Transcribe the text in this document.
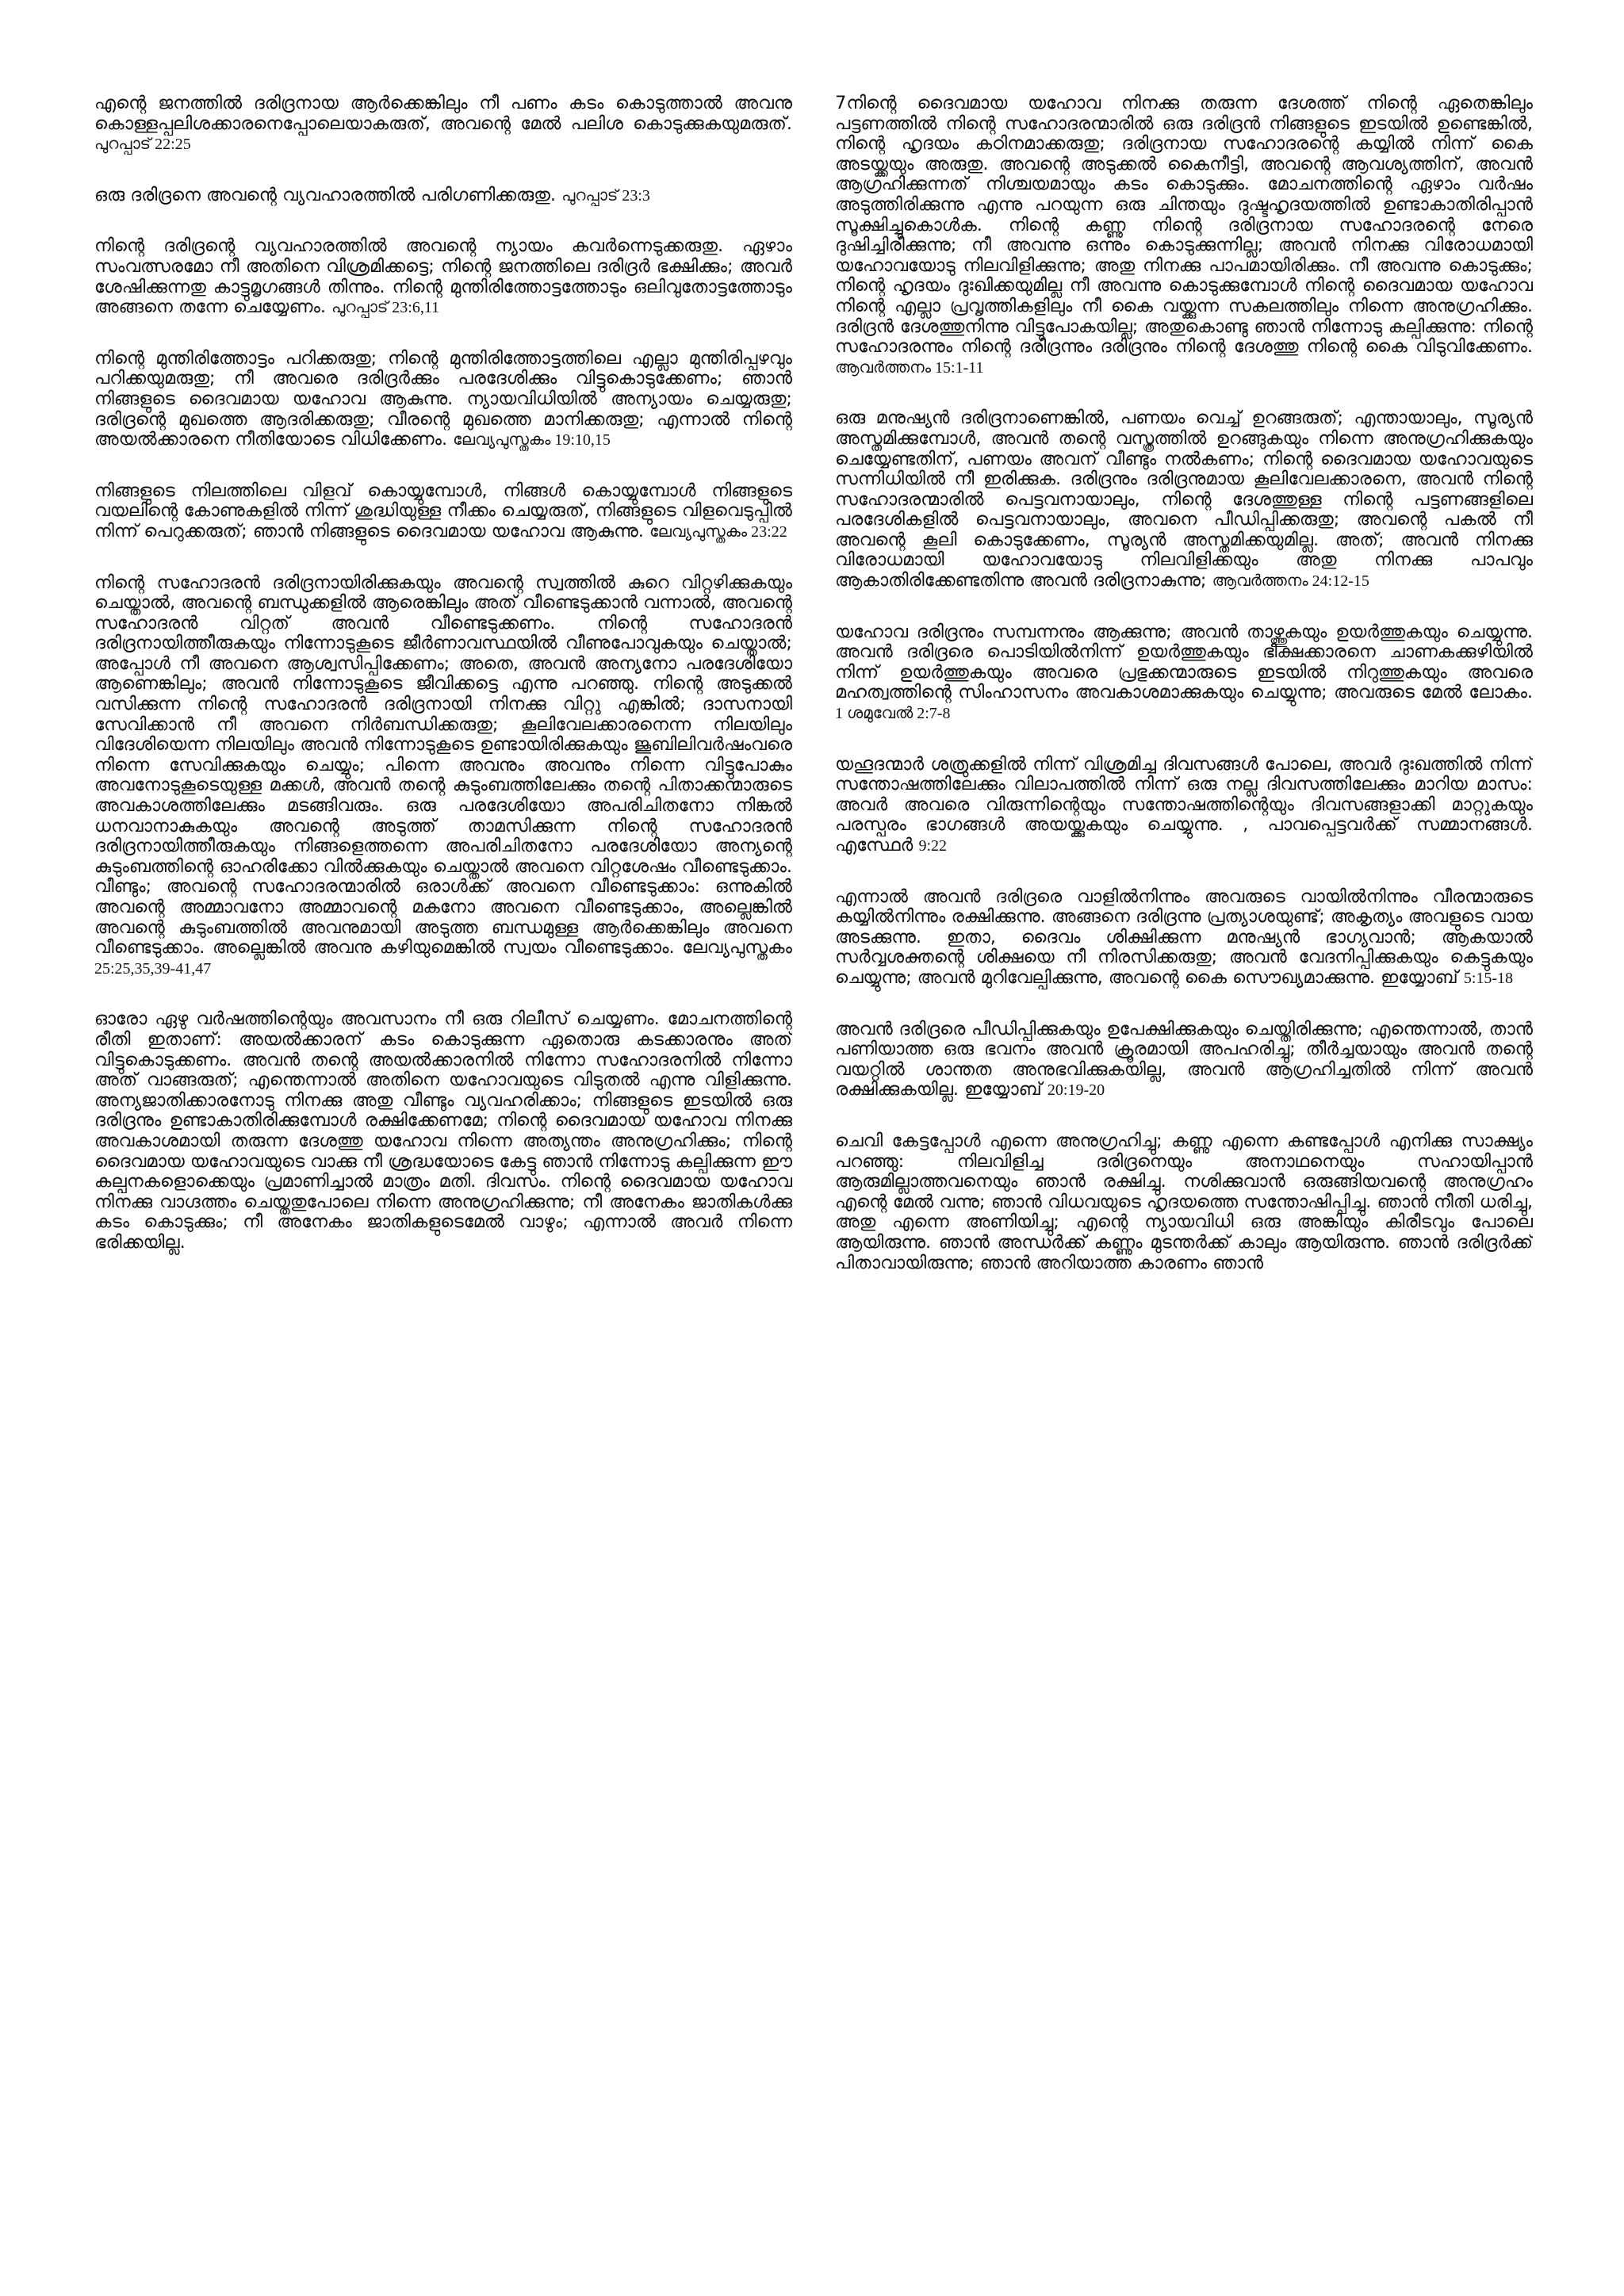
എന്റെ ജനത്തിൽ ദരിദ്രനായ ആർക്കെങ്കിലും നീ പണം കടം കൊടുത്താൽ അവനു കൊള്ളപ്പലിശക്കാരനെപ്പോലെയാകരുത്, അവന്റെ മേൽ പലിശ കൊടുക്കുകയുമരുത്. പുറപ്പാട് 22:25

ഒരു ദരിദ്രനെ അവന്റെ വ്യവഹാരത്തിൽ പരിഗണിക്കരുതു. പുറപ്പാട് 23:3

നിന്റെ ദരിദ്രന്റെ വ്യവഹാരത്തിൽ അവന്റെ ന്യായം കവർന്നെടുക്കരുതു. ഏഴാം സംവത്സരമോ നീ അതിനെ വിശ്രമിക്കട്ടെ; നിന്റെ ജനത്തിലെ ദരിദ്രർ ഭക്ഷിക്കും; അവർ ശേഷിക്കുന്നതു കാട്ടുമൃഗങ്ങൾ തിന്നും. നിന്റെ മുന്തിരിത്തോട്ടത്തോടും ഒലിവുതോട്ടത്തോടും അങ്ങനെ തന്നേ ചെയ്യേണം. പുറപ്പാട് 23:6,11

നിന്റെ മുന്തിരിത്തോട്ടം പറിക്കരുതു; നിന്റെ മുന്തിരിത്തോട്ടത്തിലെ എല്ലാ മുന്തിരിപ്പഴവും പറിക്കയുമരുതു; നീ അവരെ ദരിദ്രർക്കും പരദേശിക്കും വിട്ടുകൊടുക്കേണം; ഞാൻ നിങ്ങളുടെ ദൈവമായ യഹോവ ആകുന്നു. ന്യായവിധിയിൽ അന്യായം ചെയ്യരുതു; ദരിദ്രന്റെ മുഖത്തെ ആദരിക്കരുതു; വീരന്റെ മുഖത്തെ മാനിക്കരുതു; എന്നാൽ നിന്റെ അയൽക്കാരനെ നീതിയോടെ വിധിക്കേണം. ലേവ്യപുസ്തകം 19:10,15

നിങ്ങളുടെ നിലത്തിലെ വിളവ് കൊയ്യുമ്പോൾ, നിങ്ങൾ കൊയ്യുമ്പോൾ നിങ്ങളുടെ വയലിന്റെ കോണുകളിൽ നിന്ന് ശുദ്ധിയുള്ള നീക്കം ചെയ്യരുത്, നിങ്ങളുടെ വിളവെടുപ്പിൽ നിന്ന് പെറുക്കരുത്; ഞാൻ നിങ്ങളുടെ ദൈവമായ യഹോവ ആകുന്നു. ലേവ്യപുസ്തകം 23:22

നിന്റെ സഹോദരൻ ദരിദ്രനായിരിക്കുകയും അവന്റെ സ്വത്തിൽ കുറെ വിറ്റഴിക്കുകയും ചെയ്താൽ, അവന്റെ ബന്ധുക്കളിൽ ആരെങ്കിലും അത് വീണ്ടെടുക്കാൻ വന്നാൽ, അവന്റെ സഹോദരൻ വിറ്റത് അവൻ വീണ്ടെടുക്കണം. നിന്റെ സഹോദരൻ ദരിദ്രനായിത്തീരുകയും നിന്നോടുകൂടെ ജീർണാവസ്ഥയിൽ വീണുപോവുകയും ചെയ്താൽ; അപ്പോൾ നീ അവനെ ആശ്വസിപ്പിക്കേണം; അതെ, അവൻ അന്യനോ പരദേശിയോ ആണെങ്കിലും; അവൻ നിന്നോടുകൂടെ ജീവിക്കട്ടെ എന്നു പറഞ്ഞു. നിന്റെ അടുക്കൽ വസിക്കുന്ന നിന്റെ സഹോദരൻ ദരിദ്രനായി നിനക്കു വിറ്റു എങ്കിൽ; ദാസനായി സേവിക്കാൻ നീ അവനെ നിർബന്ധിക്കരുതു; കൂലിവേലക്കാരനെന്ന നിലയിലും വിദേശിയെന്ന നിലയിലും അവൻ നിന്നോടുകൂടെ ഉണ്ടായിരിക്കുകയും ജൂബിലിവർഷംവരെ നിന്നെ സേവിക്കുകയും ചെയ്യും; പിന്നെ അവനും അവനും നിന്നെ വിട്ടുപോകും അവനോടുകൂടെയുള്ള മക്കൾ, അവൻ തന്റെ കുടുംബത്തിലേക്കും തന്റെ പിതാക്കന്മാരുടെ അവകാശത്തിലേക്കും മടങ്ങിവരും. ഒരു പരദേശിയോ അപരിചിതനോ നിങ്കൽ ധനവാനാകുകയും അവന്റെ അടുത്ത് താമസിക്കുന്ന നിന്റെ സഹോദരൻ ദരിദ്രനായിത്തീരുകയും നിങ്ങളെത്തന്നെ അപരിചിതനോ പരദേശിയോ അന്യന്റെ കുടുംബത്തിന്റെ ഓഹരിക്കോ വിൽക്കുകയും ചെയ്താൽ അവനെ വിറ്റശേഷം വീണ്ടെടുക്കാം. വീണ്ടും; അവന്റെ സഹോദരന്മാരിൽ ഒരാൾക്ക് അവനെ വീണ്ടെടുക്കാം: ഒന്നുകിൽ അവന്റെ അമ്മാവനോ അമ്മാവന്റെ മകനോ അവനെ വീണ്ടെടുക്കാം, അല്ലെങ്കിൽ അവന്റെ കുടുംബത്തിൽ അവനുമായി അടുത്ത ബന്ധമുള്ള ആർക്കെങ്കിലും അവനെ വീണ്ടെടുക്കാം. അല്ലെങ്കിൽ അവനു കഴിയുമെങ്കിൽ സ്വയം വീണ്ടെടുക്കാം. ലേവ്യപുസ്തകം 25:25,35,39-41,47

ഓരോ ഏഴു വർഷത്തിന്റെയും അവസാനം നീ ഒരു റിലീസ് ചെയ്യണം. മോചനത്തിന്റെ രീതി ഇതാണ്: അയൽക്കാരന് കടം കൊടുക്കുന്ന ഏതൊരു കടക്കാരനും അത് വിട്ടുകൊടുക്കണം. അവൻ തന്റെ അയൽക്കാരനിൽ നിന്നോ സഹോദരനിൽ നിന്നോ അത് വാങ്ങരുത്; എന്തെന്നാൽ അതിനെ യഹോവയുടെ വിടുതൽ എന്നു വിളിക്കുന്നു. അന്യജാതിക്കാരനോടു നിനക്കു അതു വീണ്ടും വ്യവഹരിക്കാം; നിങ്ങളുടെ ഇടയിൽ ഒരു ദരിദ്രനും ഉണ്ടാകാതിരിക്കുമ്പോൾ രക്ഷിക്കേണമേ; നിന്റെ ദൈവമായ യഹോവ നിനക്കു അവകാശമായി തരുന്ന ദേശത്തു യഹോവ നിന്നെ അത്യന്തം അനുഗ്രഹിക്കും; നിന്റെ ദൈവമായ യഹോവയുടെ വാക്കു നീ ശ്രദ്ധയോടെ കേട്ടു ഞാൻ നിന്നോടു കല്പിക്കുന്ന ഈ കല്പനകളൊക്കെയും പ്രമാണിച്ചാൽ മാത്രം മതി. ദിവസം. നിന്റെ ദൈവമായ യഹോവ നിനക്കു വാഗ്ദത്തം ചെയ്തതുപോലെ നിന്നെ അനുഗ്രഹിക്കുന്നു; നീ അനേകം ജാതികൾക്കു കടം കൊടുക്കും; നീ അനേകം ജാതികളുടെമേൽ വാഴും; എന്നാൽ അവർ നിന്നെ ഭരിക്കയില്ല.

7നിന്റെ ദൈവമായ യഹോവ നിനക്കു തരുന്ന ദേശത്ത് നിന്റെ ഏതെങ്കിലും പട്ടണത്തിൽ നിന്റെ സഹോദരന്മാരിൽ ഒരു ദരിദ്രൻ നിങ്ങളുടെ ഇടയിൽ ഉണ്ടെങ്കിൽ, നിന്റെ ഹൃദയം കഠിനമാക്കരുതു; ദരിദ്രനായ സഹോദരന്റെ കയ്യിൽ നിന്ന് കൈ അടയ്ക്കയും അരുതു. അവന്റെ അടുക്കൽ കൈനീട്ടി, അവന്റെ ആവശ്യത്തിന്, അവൻ ആഗ്രഹിക്കുന്നത് നിശ്ചയമായും കടം കൊടുക്കും. മോചനത്തിന്റെ ഏഴാം വർഷം അടുത്തിരിക്കുന്നു എന്നു പറയുന്ന ഒരു ചിന്തയും ദുഷ്ടഹൃദയത്തിൽ ഉണ്ടാകാതിരിപ്പാൻ സൂക്ഷിച്ചുകൊൾക. നിന്റെ കണ്ണു നിന്റെ ദരിദ്രനായ സഹോദരന്റെ നേരെ ദുഷിച്ചിരിക്കുന്നു; നീ അവന്നു ഒന്നും കൊടുക്കുന്നില്ല; അവൻ നിനക്കു വിരോധമായി യഹോവയോടു നിലവിളിക്കുന്നു; അതു നിനക്കു പാപമായിരിക്കും. നീ അവന്നു കൊടുക്കും; നിന്റെ ഹൃദയം ദുഃഖിക്കയുമില്ല നീ അവന്നു കൊടുക്കുമ്പോൾ നിന്റെ ദൈവമായ യഹോവ നിന്റെ എല്ലാ പ്രവൃത്തികളിലും നീ കൈ വയ്ക്കുന്ന സകലത്തിലും നിന്നെ അനുഗ്രഹിക്കും. ദരിദ്രൻ ദേശത്തുനിന്നു വിട്ടുപോകയില്ല; അതുകൊണ്ടു ഞാൻ നിന്നോടു കല്പിക്കുന്നു: നിന്റെ സഹോദരന്നും നിന്റെ ദരിദ്രന്നും ദരിദ്രനും നിന്റെ ദേശത്തു നിന്റെ കൈ വിടുവിക്കേണം. ആവർത്തനം 15:1-11

ഒരു മനുഷ്യൻ ദരിദ്രനാണെങ്കിൽ, പണയം വെച്ച് ഉറങ്ങരുത്; എന്തായാലും, സൂര്യൻ അസ്തമിക്കുമ്പോൾ, അവൻ തന്റെ വസ്ത്രത്തിൽ ഉറങ്ങുകയും നിന്നെ അനുഗ്രഹിക്കുകയും ചെയ്യേണ്ടതിന്, പണയം അവന് വീണ്ടും നൽകണം; നിന്റെ ദൈവമായ യഹോവയുടെ സന്നിധിയിൽ നീ ഇരിക്കുക. ദരിദ്രനും ദരിദ്രനുമായ കൂലിവേലക്കാരനെ, അവൻ നിന്റെ സഹോദരന്മാരിൽ പെട്ടവനായാലും, നിന്റെ ദേശത്തുള്ള നിന്റെ പട്ടണങ്ങളിലെ പരദേശികളിൽ പെട്ടവനായാലും, അവനെ പീഡിപ്പിക്കരുതു; അവന്റെ പകൽ നീ അവന്റെ കൂലി കൊടുക്കേണം, സൂര്യൻ അസ്തമിക്കയുമില്ല. അത്; അവൻ നിനക്കു വിരോധമായി യഹോവയോടു നിലവിളിക്കയും അതു നിനക്കു പാപവും ആകാതിരിക്കേണ്ടതിന്നു അവൻ ദരിദ്രനാകുന്നു; ആവർത്തനം 24:12-15

യഹോവ ദരിദ്രനും സമ്പന്നനും ആക്കുന്നു; അവൻ താഴ്ത്തുകയും ഉയർത്തുകയും ചെയ്യുന്നു. അവൻ ദരിദ്രരെ പൊടിയിൽനിന്ന് ഉയർത്തുകയും ഭിക്ഷക്കാരനെ ചാണകക്കുഴിയിൽ നിന്ന് ഉയർത്തുകയും അവരെ പ്രഭുക്കന്മാരുടെ ഇടയിൽ നിറുത്തുകയും അവരെ മഹത്വത്തിന്റെ സിംഹാസനം അവകാശമാക്കുകയും ചെയ്യുന്നു; അവരുടെ മേൽ ലോകം. 1 ശമുവേൽ 2:7-8

യഹൂദന്മാർ ശത്രുക്കളിൽ നിന്ന് വിശ്രമിച്ച ദിവസങ്ങൾ പോലെ, അവർ ദുഃഖത്തിൽ നിന്ന് സന്തോഷത്തിലേക്കും വിലാപത്തിൽ നിന്ന് ഒരു നല്ല ദിവസത്തിലേക്കും മാറിയ മാസം: അവർ അവരെ വിരുന്നിന്റെയും സന്തോഷത്തിന്റെയും ദിവസങ്ങളാക്കി മാറ്റുകയും പരസ്പരം ഭാഗങ്ങൾ അയയ്ക്കുകയും ചെയ്യുന്നു. , പാവപ്പെട്ടവർക്ക് സമ്മാനങ്ങൾ. എസ്ഥേർ 9:22

എന്നാൽ അവൻ ദരിദ്രരെ വാളിൽനിന്നും അവരുടെ വായിൽനിന്നും വീരന്മാരുടെ കയ്യിൽനിന്നും രക്ഷിക്കുന്നു. അങ്ങനെ ദരിദ്രന്നു പ്രത്യാശയുണ്ട്; അകൃത്യം അവളുടെ വായ അടക്കുന്നു. ഇതാ, ദൈവം ശിക്ഷിക്കുന്ന മനുഷ്യൻ ഭാഗ്യവാൻ; ആകയാൽ സർവ്വശക്തന്റെ ശിക്ഷയെ നീ നിരസിക്കരുതു; അവൻ വേദനിപ്പിക്കുകയും കെട്ടുകയും ചെയ്യുന്നു; അവൻ മുറിവേല്പിക്കുന്നു, അവന്റെ കൈ സൌഖ്യമാക്കുന്നു. ഇയ്യോബ് 5:15-18

അവൻ ദരിദ്രരെ പീഡിപ്പിക്കുകയും ഉപേക്ഷിക്കുകയും ചെയ്തിരിക്കുന്നു; എന്തെന്നാൽ, താൻ പണിയാത്ത ഒരു ഭവനം അവൻ ക്രൂരമായി അപഹരിച്ചു; തീർച്ചയായും അവൻ തന്റെ വയറ്റിൽ ശാന്തത അനുഭവിക്കുകയില്ല, അവൻ ആഗ്രഹിച്ചതിൽ നിന്ന് അവൻ രക്ഷിക്കുകയില്ല. ഇയ്യോബ് 20:19-20

ചെവി കേട്ടപ്പോൾ എന്നെ അനുഗ്രഹിച്ചു; കണ്ണു എന്നെ കണ്ടപ്പോൾ എനിക്കു സാക്ഷ്യം പറഞ്ഞു: നിലവിളിച്ച ദരിദ്രനെയും അനാഥനെയും സഹായിപ്പാൻ ആരുമില്ലാത്തവനെയും ഞാൻ രക്ഷിച്ചു. നശിക്കുവാൻ ഒരുങ്ങിയവന്റെ അനുഗ്രഹം എന്റെ മേൽ വന്നു; ഞാൻ വിധവയുടെ ഹൃദയത്തെ സന്തോഷിപ്പിച്ചു. ഞാൻ നീതി ധരിച്ചു, അതു എന്നെ അണിയിച്ചു; എന്റെ ന്യായവിധി ഒരു അങ്കിയും കിരീടവും പോലെ ആയിരുന്നു. ഞാൻ അന്ധർക്ക് കണ്ണും മുടന്തർക്ക് കാലും ആയിരുന്നു. ഞാൻ ദരിദ്രർക്ക് പിതാവായിരുന്നു; ഞാൻ അറിയാത്ത കാരണം ഞാൻ
